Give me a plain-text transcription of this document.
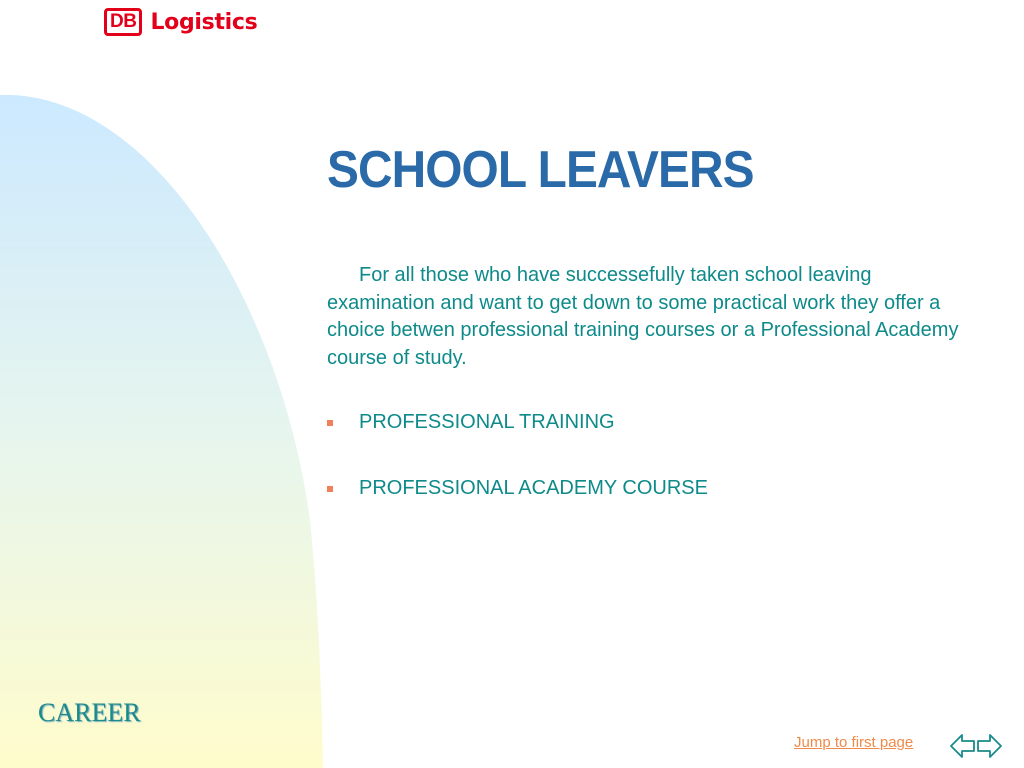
DB Logistics
SCHOOL LEAVERS

For all those who have successefully taken school leaving examination and want to get down to some practical work they offer a choice betwen professional training courses or a Professional Academy course of study.

PROFESSIONAL TRAINING
PROFESSIONAL ACADEMY COURSE
CAREER
Jump to first page
